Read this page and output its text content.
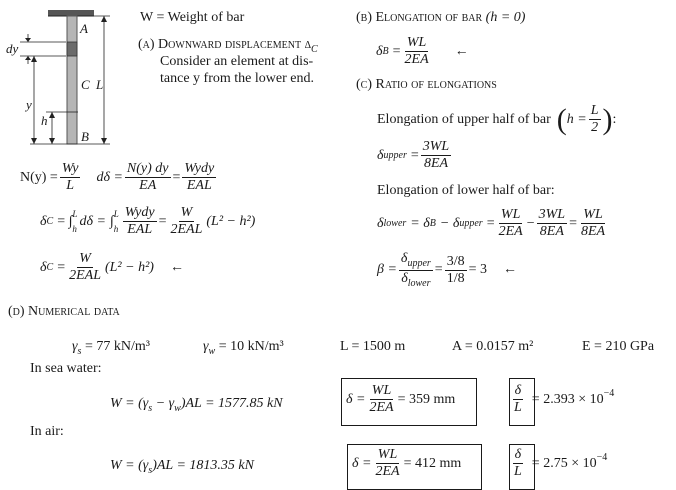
dy
y
h
A
B
C L
W = Weight of bar
(a) Downward displacement $\delta_C$
Consider an element at dis-
tance y from the lower end.
$N(y) = \frac{Wy}{L}$ $d\delta = \frac{N(y) dy}{EA} = \frac{\text{Wydy}}{\text{EAL}}$
δ C = ∫ L
h dδ = ∫ L
h $\frac{\text{Wydy}}{\text{EAL}} = \frac{W}{\text{2EAL}} (L^2 - h^2)$
δ $C = \frac{W}{\text{2EAL}} (L^2 - h^2)$ ←
(b) Elongation of bar (h = 0)
δ $B = \frac{WL}{2EA}$ ←
(c) Ratio of elongations
Elongation of upper half of bar ( $h = \frac{L}{2}$ ) :
δ upper = $\frac{3WL}{8EA}$
Elongation of lower half of bar:
δ lower = δ B − δ upper = $\frac{WL}{2EA} - \frac{3WL}{8EA} = \frac{WL}{8EA}$
$\beta = \frac{\delta_{upper}}{\delta_{lower}} = \frac{3/8}{1/8} = 3$ ←
(d) Numerical data
$\gamma_s = 77$ kN/m³	$\gamma_w = 10$ kN/m³	L = 1500 m	A = 0.0157 m²	E = 210 GPa
In sea water:
$W = (\gamma_s - \gamma_w)AL = 1577.85$ kN	$\delta = \frac{WL}{2EA} = 359$ mm	$\frac{\delta}{L} = 2.393 \times 10^{-4}$
In air:
$W = (\gamma_s)AL = 1813.35$ kN	$\delta = \frac{WL}{2EA} = 412$ mm	$\frac{\delta}{L} = 2.75 \times 10^{-4}$
